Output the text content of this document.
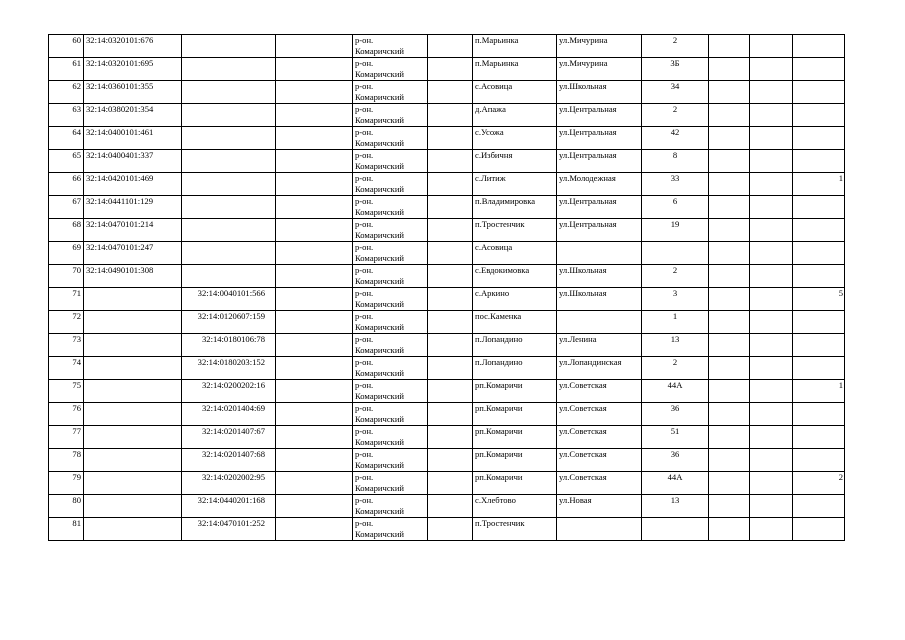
60	32:14:0320101:676			р-он.
Комаричский		п.Марьинка	ул.Мичурина	2			
61	32:14:0320101:695			р-он.
Комаричский		п.Марьинка	ул.Мичурина	3Б			
62	32:14:0360101:355			р-он.
Комаричский		с.Асовица	ул.Школьная	34			
63	32:14:0380201:354			р-он.
Комаричский		д.Апажа	ул.Центральная	2			
64	32:14:0400101:461			р-он.
Комаричский		с.Усожа	ул.Центральная	42			
65	32:14:0400401:337			р-он.
Комаричский		с.Избичня	ул.Центральная	8			
66	32:14:0420101:469			р-он.
Комаричский		с.Литиж	ул.Молодежная	33			1
67	32:14:0441101:129			р-он.
Комаричский		п.Владимировка	ул.Центральная	6			
68	32:14:0470101:214			р-он.
Комаричский		п.Тростенчик	ул.Центральная	19			
69	32:14:0470101:247			р-он.
Комаричский		с.Асовица					
70	32:14:0490101:308			р-он.
Комаричский		с.Евдокимовка	ул.Школьная	2			
71		32:14:0040101:566		р-он.
Комаричский		с.Аркино	ул.Школьная	3			5
72		32:14:0120607:159		р-он.
Комаричский		пос.Каменка		1			
73		32:14:0180106:78		р-он.
Комаричский		п.Лопандино	ул.Ленина	13			
74		32:14:0180203:152		р-он.
Комаричский		п.Лопандино	ул.Лопандинская	2			
75		32:14:0200202:16		р-он.
Комаричский		рп.Комаричи	ул.Советская	44А			1
76		32:14:0201404:69		р-он.
Комаричский		рп.Комаричи	ул.Советская	36			
77		32:14:0201407:67		р-он.
Комаричский		рп.Комаричи	ул.Советская	51			
78		32:14:0201407:68		р-он.
Комаричский		рп.Комаричи	ул.Советская	36			
79		32:14:0202002:95		р-он.
Комаричский		рп.Комаричи	ул.Советская	44А			2
80		32:14:0440201:168		р-он.
Комаричский		с.Хлебтово	ул.Новая	13			
81		32:14:0470101:252		р-он.
Комаричский		п.Тростенчик					
